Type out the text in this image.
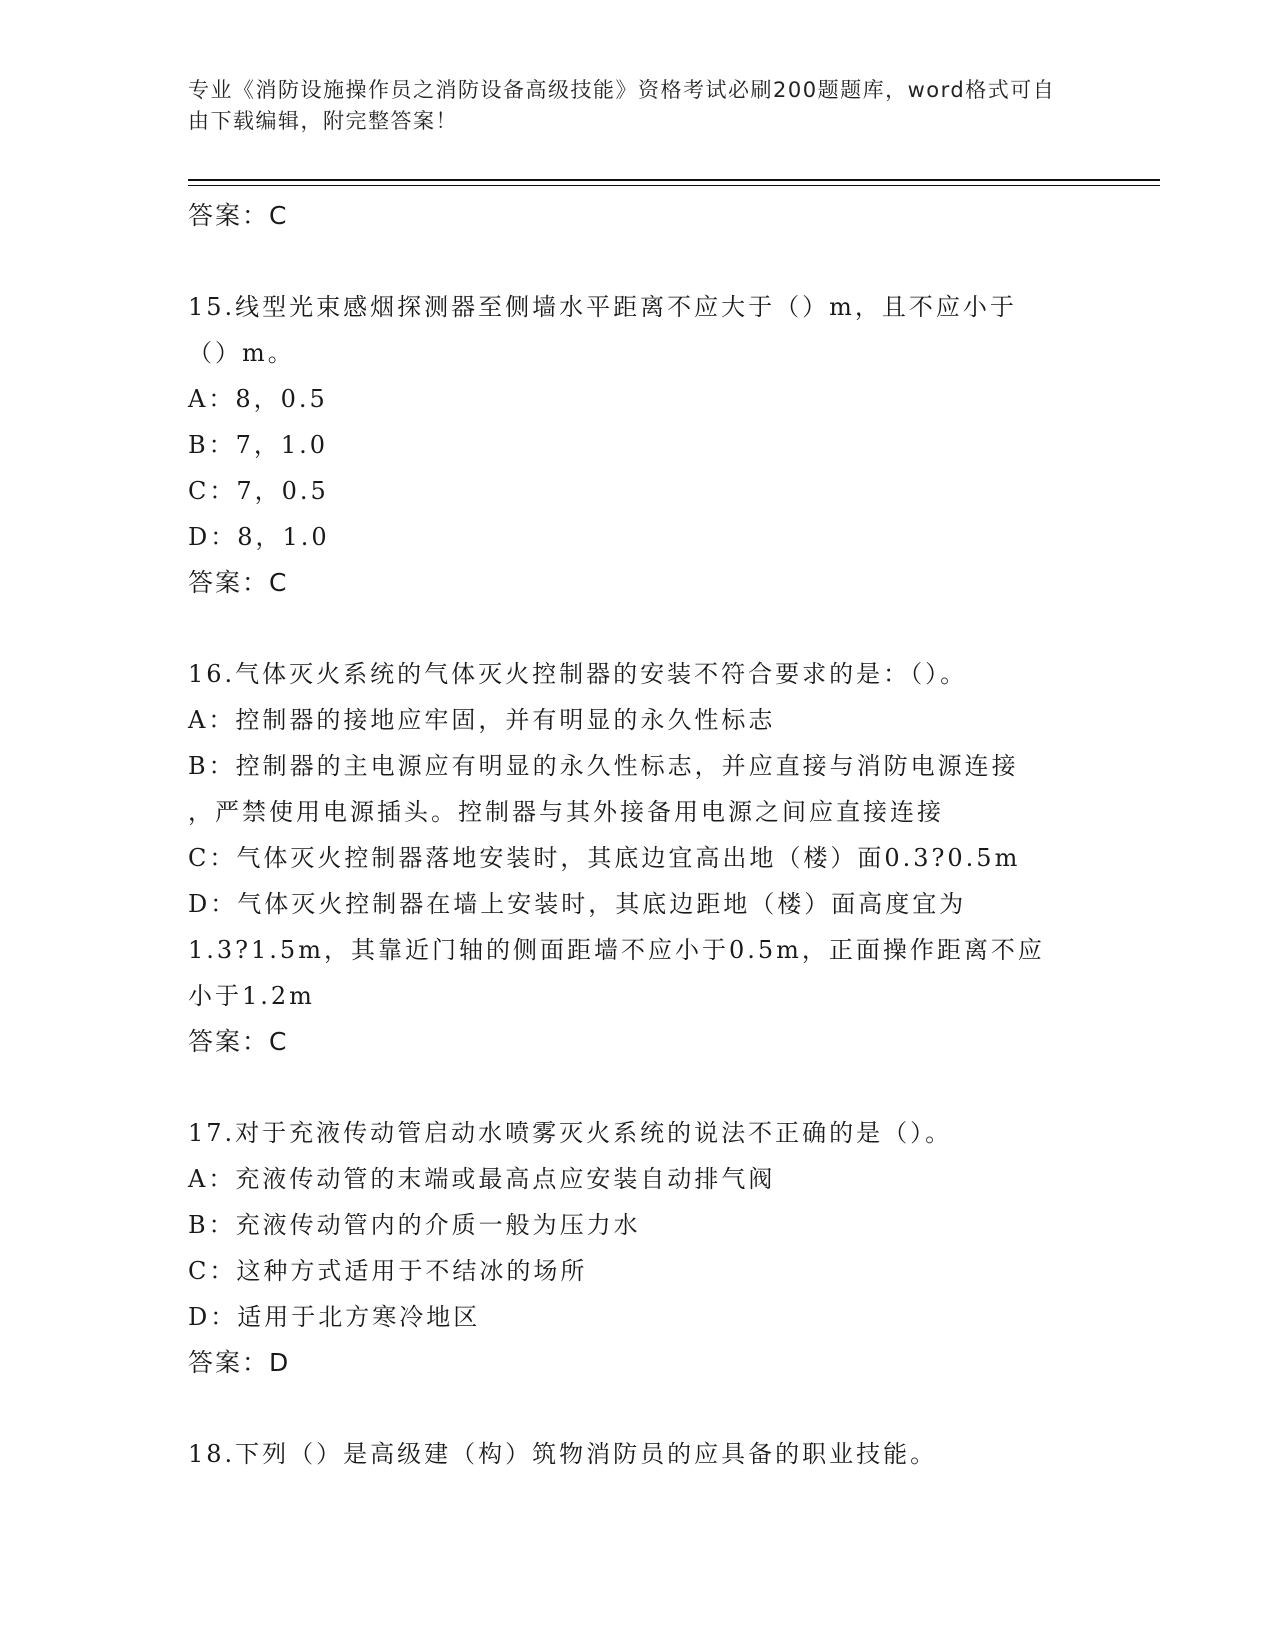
专业《消防设施操作员之消防设备高级技能》资格考试必刷200题题库，word格式可自由下载编辑，附完整答案！
答案：C
15.线型光束感烟探测器至侧墙水平距离不应大于（）m，且不应小于
（）m。
A：8，0.5
B：7，1.0
C：7，0.5
D：8，1.0
答案：C
16.气体灭火系统的气体灭火控制器的安装不符合要求的是：（）。
A：控制器的接地应牢固，并有明显的永久性标志
B：控制器的主电源应有明显的永久性标志，并应直接与消防电源连接
，严禁使用电源插头。控制器与其外接备用电源之间应直接连接
C：气体灭火控制器落地安装时，其底边宜高出地（楼）面0.3?0.5m
D：气体灭火控制器在墙上安装时，其底边距地（楼）面高度宜为
1.3?1.5m，其靠近门轴的侧面距墙不应小于0.5m，正面操作距离不应
小于1.2m
答案：C
17.对于充液传动管启动水喷雾灭火系统的说法不正确的是（）。
A：充液传动管的末端或最高点应安装自动排气阀
B：充液传动管内的介质一般为压力水
C：这种方式适用于不结冰的场所
D：适用于北方寒冷地区
答案：D
18.下列（）是高级建（构）筑物消防员的应具备的职业技能。
